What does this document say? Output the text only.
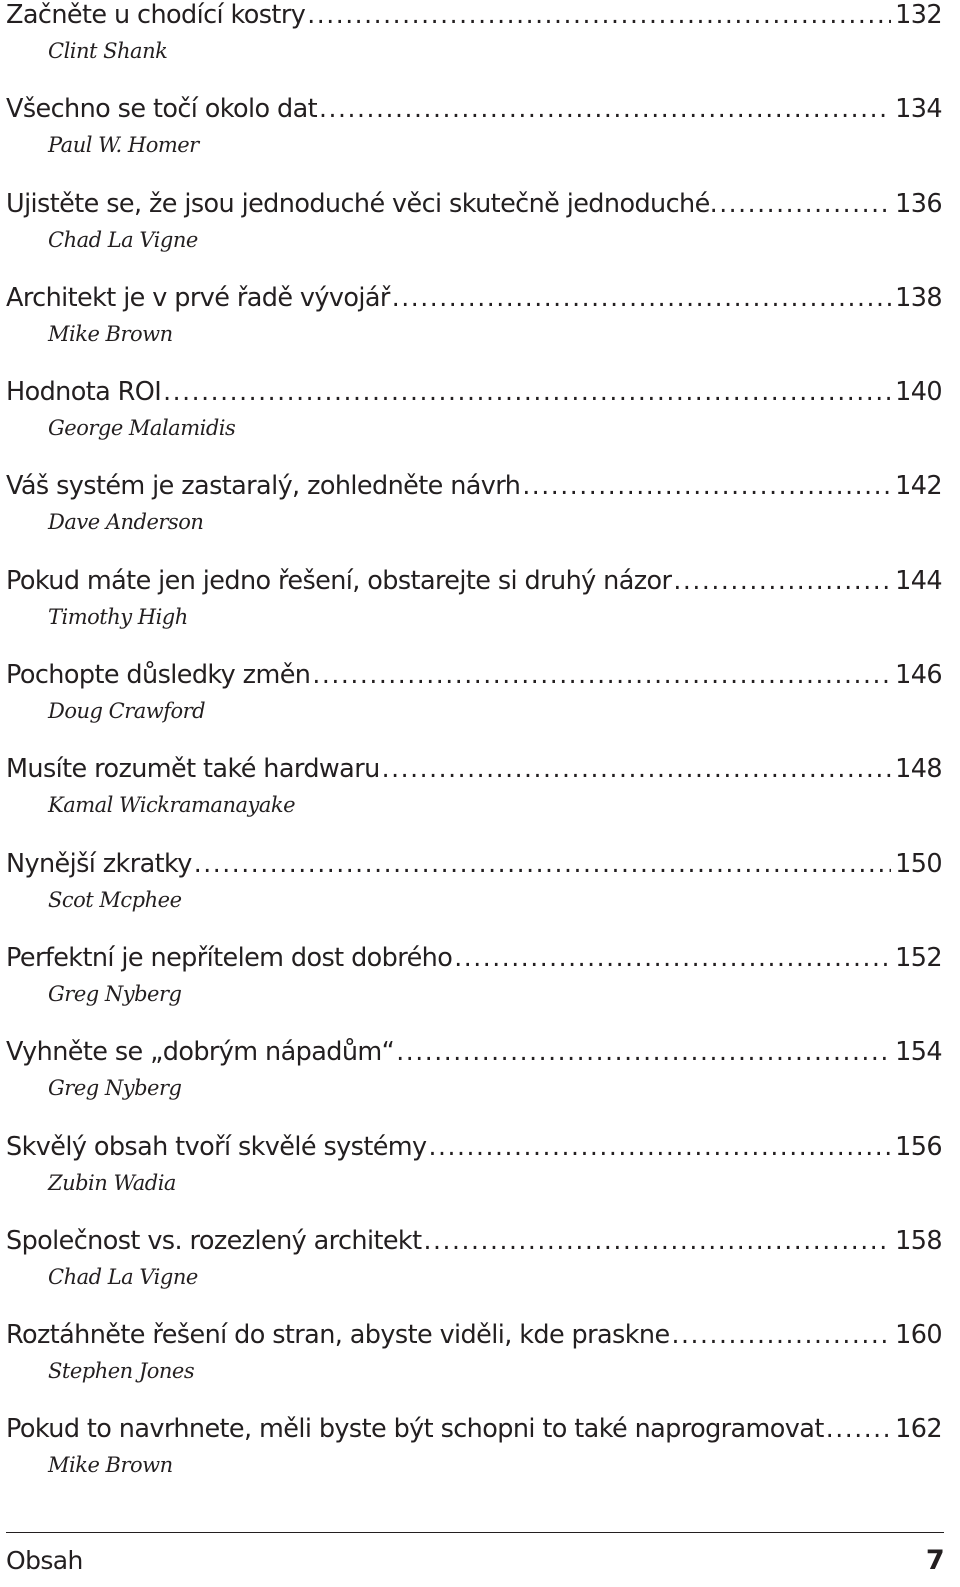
Začněte u chodící kostry . . .	132
Clint Shank
Všechno se točí okolo dat . . .	134
Paul W. Homer
Ujistěte se, že jsou jednoduché věci skutečně jednoduché. . . .	136
Chad La Vigne
Architekt je v prvé řadě vývojář . . .	138
Mike Brown
Hodnota ROI . . .	140
George Malamidis
Váš systém je zastaralý, zohledněte návrh . . .	142
Dave Anderson
Pokud máte jen jedno řešení, obstarejte si druhý názor . . .	144
Timothy High
Pochopte důsledky změn . . .	146
Doug Crawford
Musíte rozumět také hardwaru . . .	148
Kamal Wickramanayake
Nynější zkratky . . .	150
Scot Mcphee
Perfektní je nepřítelem dost dobrého . . .	152
Greg Nyberg
Vyhněte se „dobrým nápadům“ . . .	154
Greg Nyberg
Skvělý obsah tvoří skvělé systémy . . .	156
Zubin Wadia
Společnost vs. rozezlený architekt . . .	158
Chad La Vigne
Roztáhněte řešení do stran, abyste viděli, kde praskne . . .	160
Stephen Jones
Pokud to navrhnete, měli byste být schopni to také naprogramovat . . .	162
Mike Brown
Obsah	7
